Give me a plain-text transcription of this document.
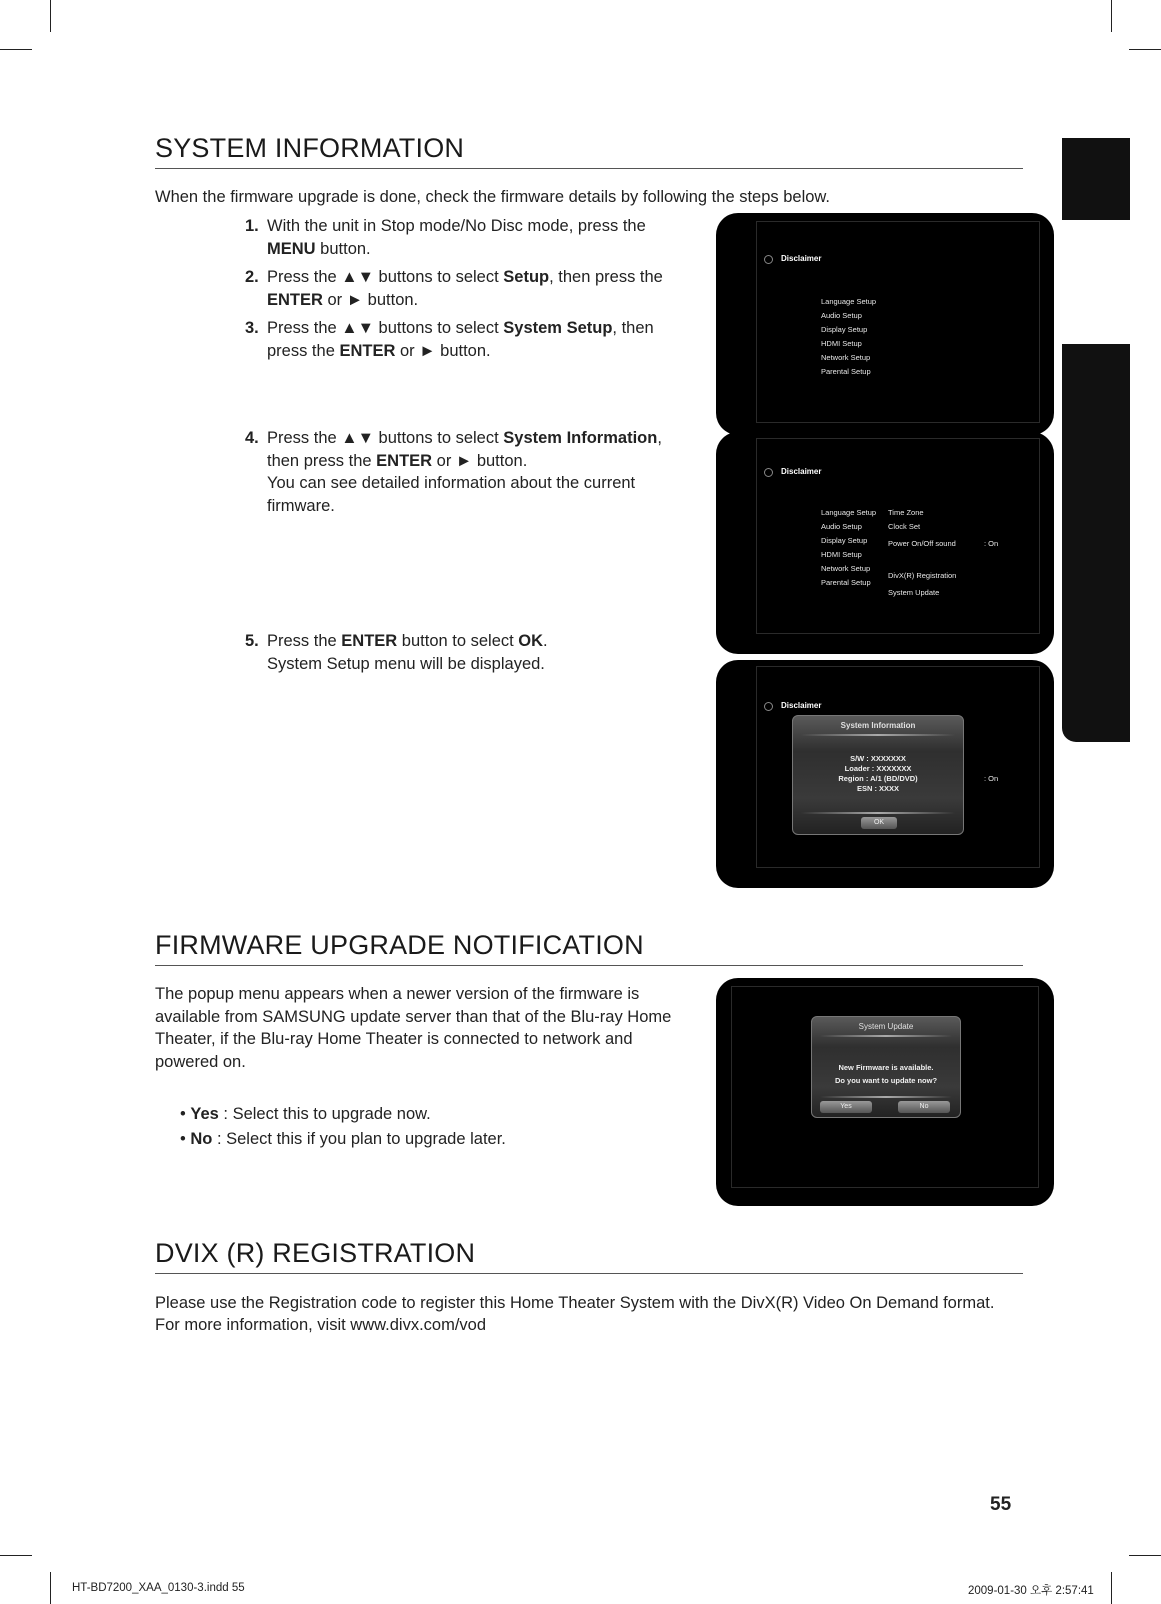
SYSTEM INFORMATION
When the firmware upgrade is done, check the firmware details by following the steps below.
1. With the unit in Stop mode/No Disc mode, press the MENU button.
2. Press the ▲▼ buttons to select Setup, then press the ENTER or ► button.
3. Press the ▲▼ buttons to select System Setup, then press the ENTER or ► button.
4. Press the ▲▼ buttons to select System Information, then press the ENTER or ► button.
You can see detailed information about the current firmware.
5. Press the ENTER button to select OK.
System Setup menu will be displayed.
Disclaimer
Language Setup
Audio Setup
Display Setup
HDMI Setup
Network Setup
Parental Setup
Disclaimer
Language Setup
Audio Setup
Display Setup
HDMI Setup
Network Setup
Parental Setup
Time Zone
Clock Set
Power On/Off sound
DivX(R) Registration
System Update
: On
Disclaimer
: On
System Information
S/W : XXXXXXX
Loader : XXXXXXX
Region : A/1 (BD/DVD)
ESN : XXXX
OK
FIRMWARE UPGRADE NOTIFICATION
The popup menu appears when a newer version of the firmware is available from SAMSUNG update server than that of the Blu-ray Home Theater, if the Blu-ray Home Theater is connected to network and powered on.
• Yes : Select this to upgrade now.
• No : Select this if you plan to upgrade later.
System Update
New Firmware is available.
Do you want to update now?
Yes	No
DVIX (R) REGISTRATION
Please use the Registration code to register this Home Theater System with the DivX(R) Video On Demand format.
For more information, visit www.divx.com/vod
55
HT-BD7200_XAA_0130-3.indd 55	2009-01-30 오후 2:57:41
